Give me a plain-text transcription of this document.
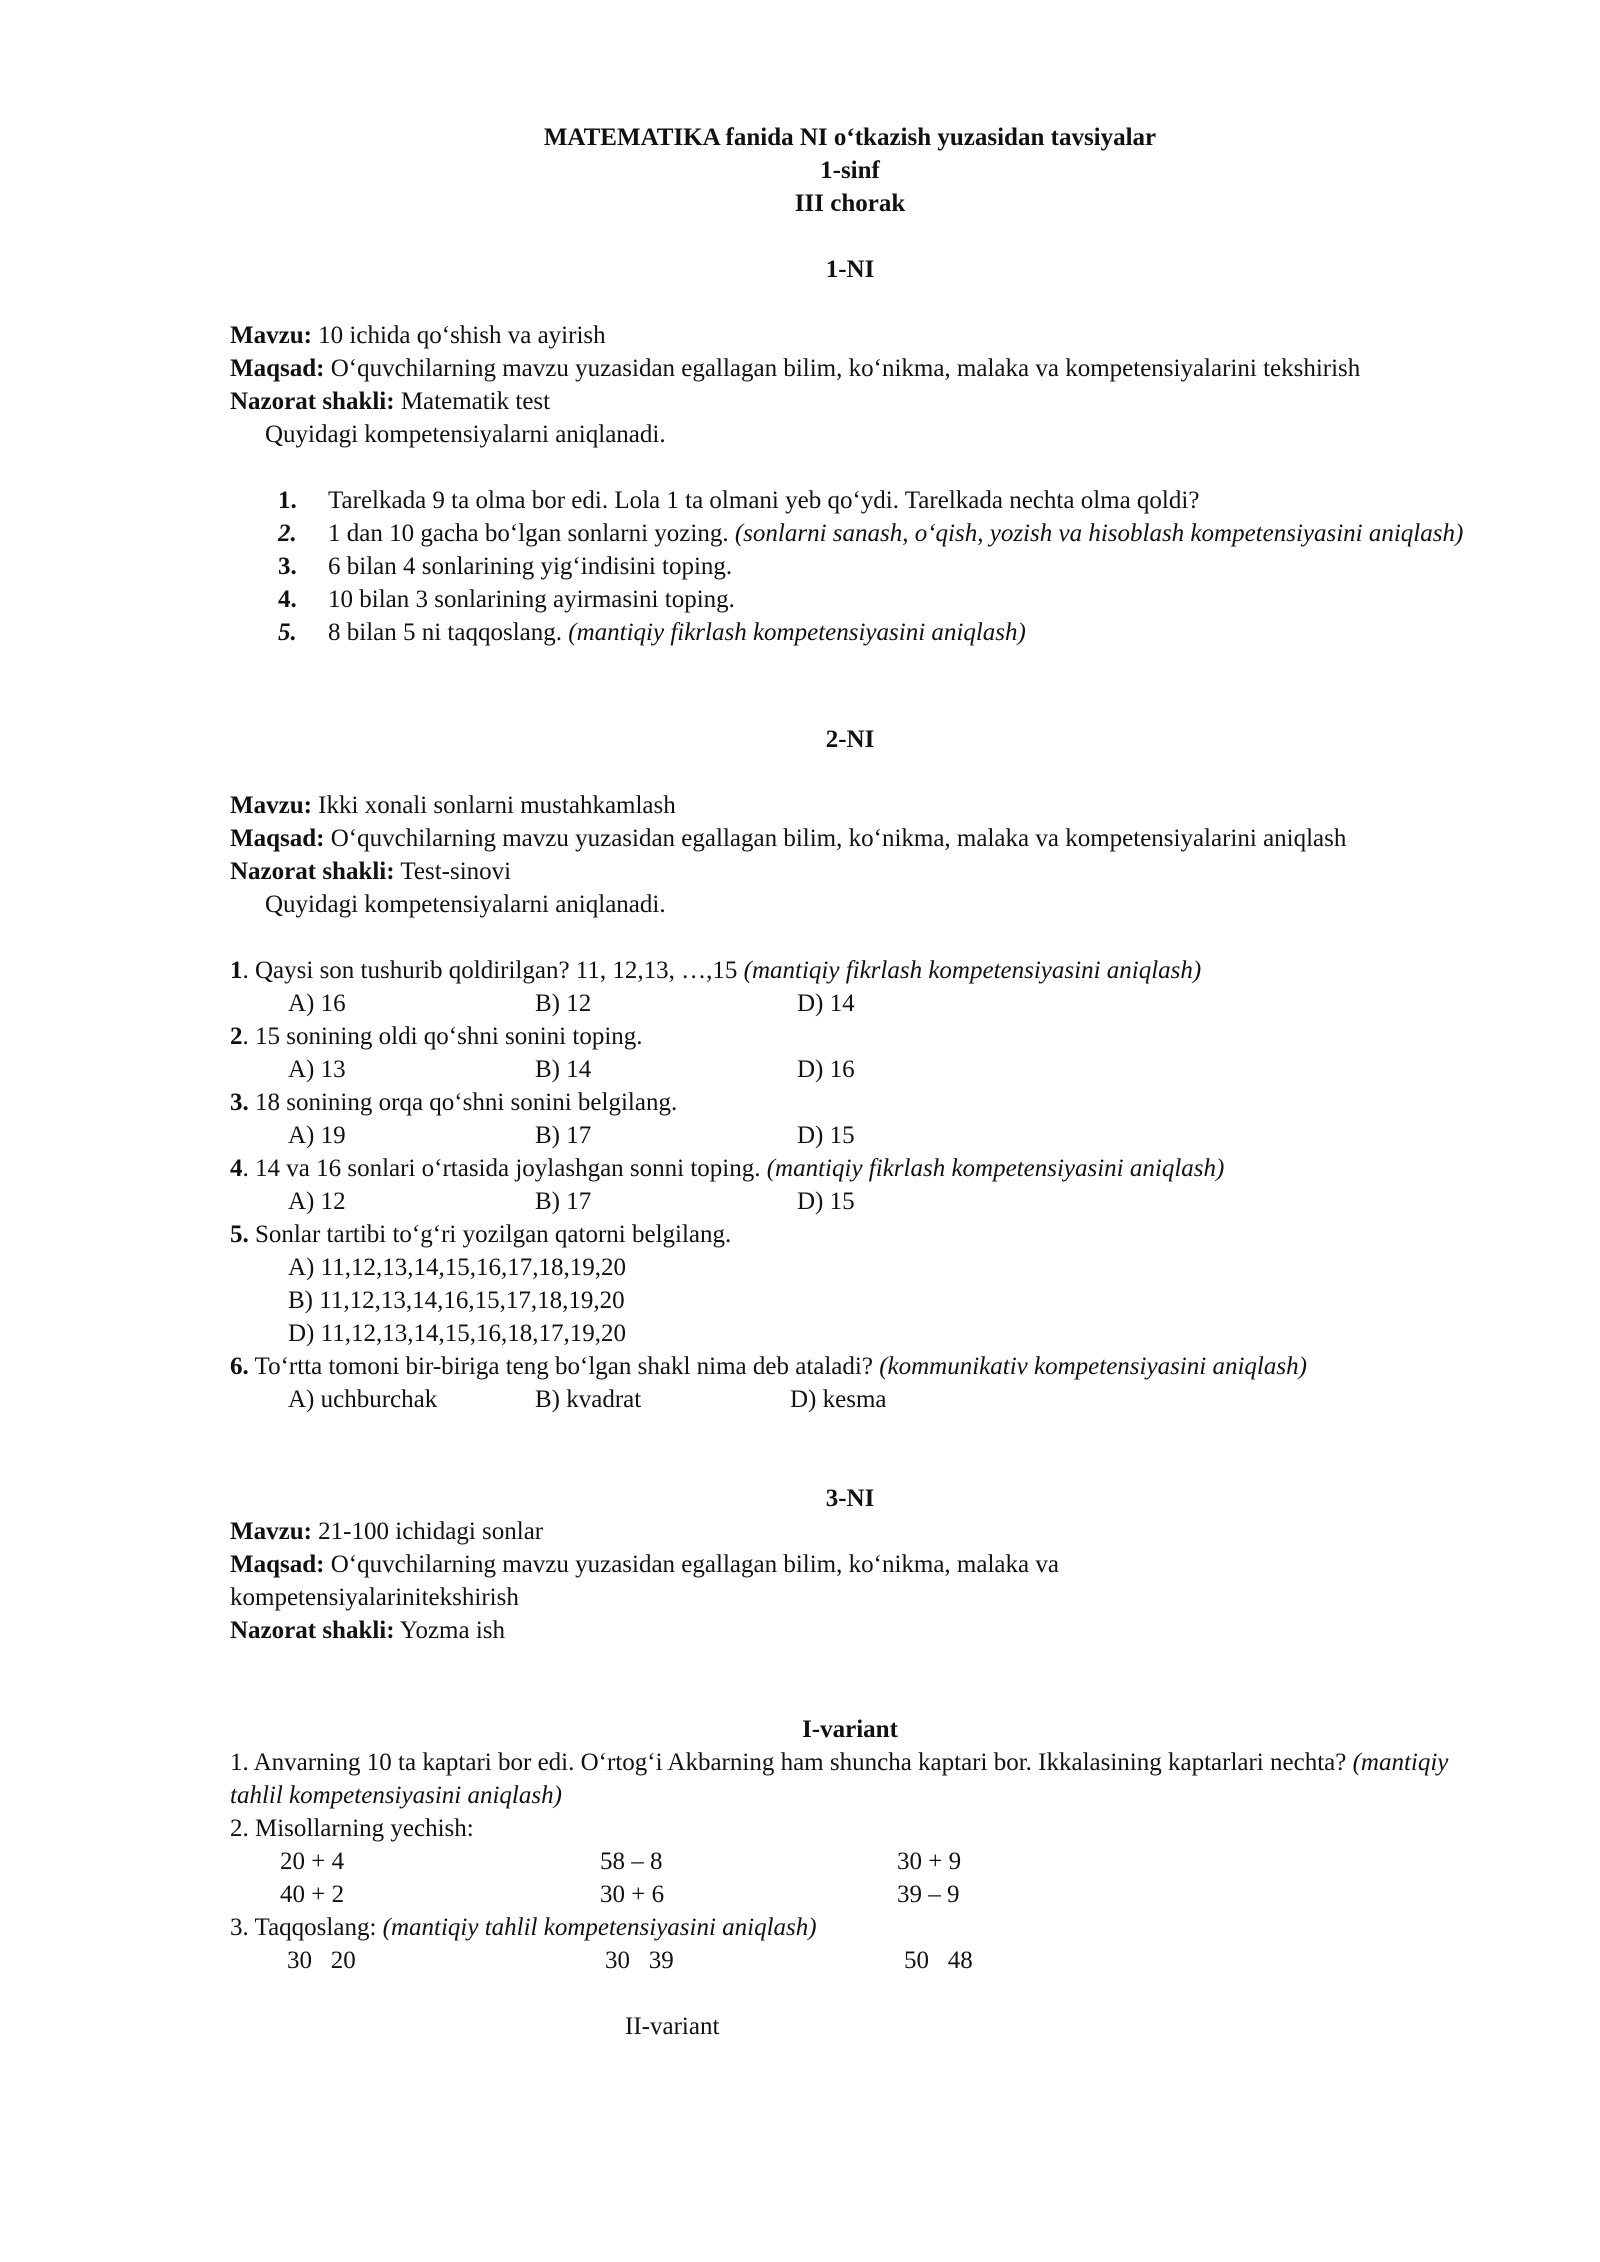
MATEMATIKA fanida NI o‘tkazish yuzasidan tavsiyalar
1-sinf
III chorak
1-NI
Mavzu: 10 ichida qo‘shish va ayirish
Maqsad: O‘quvchilarning mavzu yuzasidan egallagan bilim, ko‘nikma, malaka va kompetensiyalarini tekshirish
Nazorat shakli: Matematik test
Quyidagi kompetensiyalarni aniqlanadi.
1.	Tarelkada 9 ta olma bor edi. Lola 1 ta olmani yeb qo‘ydi. Tarelkada nechta olma qoldi?
2.	1 dan 10 gacha bo‘lgan sonlarni yozing. (sonlarni sanash, o‘qish, yozish va hisoblash kompetensiyasini aniqlash)
3.	6 bilan 4 sonlarining yig‘indisini toping.
4.	10 bilan 3 sonlarining ayirmasini toping.
5.	8 bilan 5 ni taqqoslang. (mantiqiy fikrlash kompetensiyasini aniqlash)
2-NI
Mavzu: Ikki xonali sonlarni mustahkamlash
Maqsad: O‘quvchilarning mavzu yuzasidan egallagan bilim, ko‘nikma, malaka va kompetensiyalarini aniqlash
Nazorat shakli: Test-sinovi
Quyidagi kompetensiyalarni aniqlanadi.
1. Qaysi son tushurib qoldirilgan? 11, 12,13, …,15 (mantiqiy fikrlash kompetensiyasini aniqlash)
A) 16	B) 12	D) 14
2. 15 sonining oldi qo‘shni sonini toping.
A) 13	B) 14	D) 16
3. 18 sonining orqa qo‘shni sonini belgilang.
A) 19	B) 17	D) 15
4. 14 va 16 sonlari o‘rtasida joylashgan sonni toping. (mantiqiy fikrlash kompetensiyasini aniqlash)
A) 12	B) 17	D) 15
5. Sonlar tartibi to‘g‘ri yozilgan qatorni belgilang.
A) 11,12,13,14,15,16,17,18,19,20
B) 11,12,13,14,16,15,17,18,19,20
D) 11,12,13,14,15,16,18,17,19,20
6. To‘rtta tomoni bir-biriga teng bo‘lgan shakl nima deb ataladi? (kommunikativ kompetensiyasini aniqlash)
A) uchburchak	B) kvadrat	D) kesma
3-NI
Mavzu: 21-100 ichidagi sonlar
Maqsad: O‘quvchilarning mavzu yuzasidan egallagan bilim, ko‘nikma, malaka va kompetensiyalarinitekshirish
Nazorat shakli: Yozma ish
I-variant
1. Anvarning 10 ta kaptari bor edi. O‘rtog‘i Akbarning ham shuncha kaptari bor. Ikkalasining kaptarlari nechta? (mantiqiy tahlil kompetensiyasini aniqlash)
2. Misollarning yechish:
20 + 4	58 – 8	30 + 9
40 + 2	30 + 6	39 – 9
3. Taqqoslang: (mantiqiy tahlil kompetensiyasini aniqlash)
30   20	30   39	50   48
II-variant
